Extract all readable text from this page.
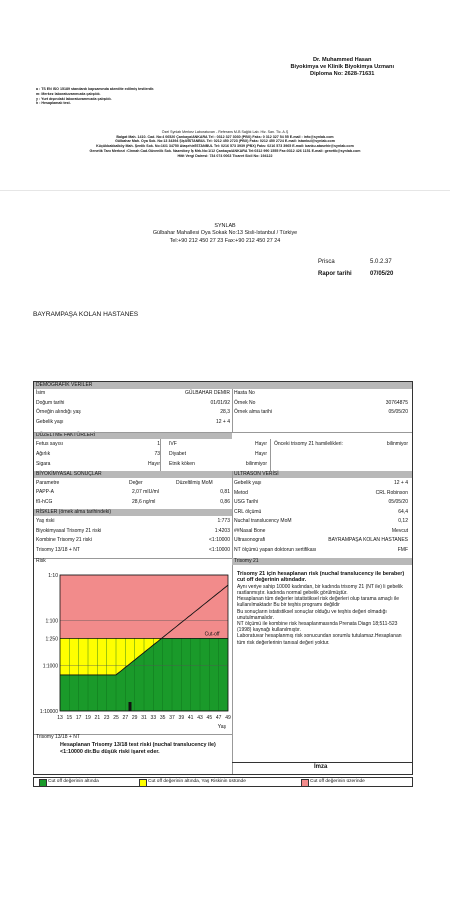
Dr. Muhammed Hasan
Biyokimya ve Klinik Biyokimya Uzmanı
Diploma No: 2628-71631
a : TS EN ISO 15189 standardı kapsamında akredite edilmiş testlerdir.
m: Merkez laboratuvarımızda çalışıldı.
y : Yurt dışındaki laboratuvarımızda çalışıldı.
h : Hesaplamalı test.
Özel Synlab Merkez Laboratuvarı - Referans M-B Sağlık Lab. Hiz. San. Tic. A.Ş
Balgat Mah. 1410. Cad. No:4 06520 Çankaya/ANKARA Tel : 0312 327 3030 (PBX) Faks: 0 312 327 54 55 E-mail : info@synlab.com
Gülbahar Mah. Oya Sok. No:13 34394 Şişli/İSTANBUL Tel: 0212 450 2723 (PBX) Faks: 0212 450 2724 E-mail: istanbul@synlab.com
Küçükbakkalköy Mah. Şenlik Sok. No:16/1 34750 Ataşehir/İSTANBUL Tel: 0216 573 3939 (PBX) Faks: 0216 573 3965 E-mail: banku.atasehir@synlab.com
Genetik Tanı Merkezi :Cinnah Cad.Güvenlik Sok. Nazmibey İş Mrk.No:1/12 Çankaya/ANKARA Tel:0312 990 1555 Fax:0312 426 1151 E-mail: genetik@synlab.com
Hitit Vergi Dairesi: 734 074 0063 Ticaret Sicil No: 194122
SYNLAB
Gülbahar Mahallesi Oya Sokak No:13 Sisli-Istanbul / Türkiye
Tel:+90 212 450 27 23 Fax:+90 212 450 27 24
Prisca	5.0.2.37
Rapor tarihi	07/05/20
BAYRAMPAŞA KOLAN HASTANES
DEMOGRAFİK VERİLER
İsim	GÜLBAHAR DEMIR Hasta No
Doğum tarihi	01/01/92 Örnek No	30764875
Örneğin alındığı yaş	28,3 Örnek alma tarihi	05/05/20
Gebelik yaşı	12 + 4
DÜZELTME FAKTÖRLERİ
Fetus sayısı	1 IVF	Hayır Önceki trisomy 21 hamilelikleri:	bilinmiyor
Ağırlık	73 Diyabet	Hayır
Sigara	Hayır Etnik köken	bilinmiyor
BİYOKİMYASAL SONUÇLAR	ULTRASON VERİSİ
Parametre	Değer	Düzeltilmiş MoM
PAPP-A	2,07 mIU/ml	0,81
fß-hCG	28,6 ng/ml	0,86
Gebelik yaşı	12 + 4
Metod	CRL Robinson
USG Tarihi	05/05/20
CRL ölçümü	64,4
Nuchal translucency MoM	0,12
##Nasal Bone	Mevcut
Ultrasonografi	BAYRAMPAŞA KOLAN HASTANES
NT ölçümü yapan doktorun sertifikası	FMF
RİSKLER (örnek alma tarihindeki)
Yaş riski	1:773
Biyokimyasal Trisomy 21 riski	1:4203
Kombine Trisomy 21 riski	<1:10000
Trisomy 13/18 + NT	<1:10000
Trisomy 21
Risk
Trisomy 13/18 + NT
İmza
Cut-off
1:10
1:100
1:250
1:1000
1:10000
13 15 17 19 21 23 25 27 29 31 33 35 37 39 41 43 45 47 49
Yaş
Trisomy 21 için hesaplanan risk (nuchal translucency ile beraber) cut off değerinin altındadır.
Aynı veriye sahip 10000 kadından, bir kadında trisomy 21 (NT ile) li gebelik rastlanmıştır. kadında normal gebelik görülmüştür.
Hesaplanan tüm değerler istatistiksel risk değerleri olup tarama amaçlı ile kullanılmaktadır Bu bir teşhis programı değildir
Bu sonuçların istatistiksel sonuçlar olduğu ve teşhis değeri olmadığı unutulmamalıdır.
NT ölçümü ile kombine risk hesaplanmasında Prenata Diagn 18;511-523 (1998) kaynağı kullanılmıştır.
Laboratuvar hesaplanmış risk sonucundan sorumlu tutulamaz.Hesaplanan tüm risk değerlerinin tanısal değeri yoktur.
Hesaplanan Trisomy 13/18 test riski (nuchal translucency ile) <1:10000 dir.Bu düşük riski işaret eder.
Cut off değerinin altında	Cut off değerinin altında, Yaş Riskinin üstünde	Cut off değerinin üzerinde
